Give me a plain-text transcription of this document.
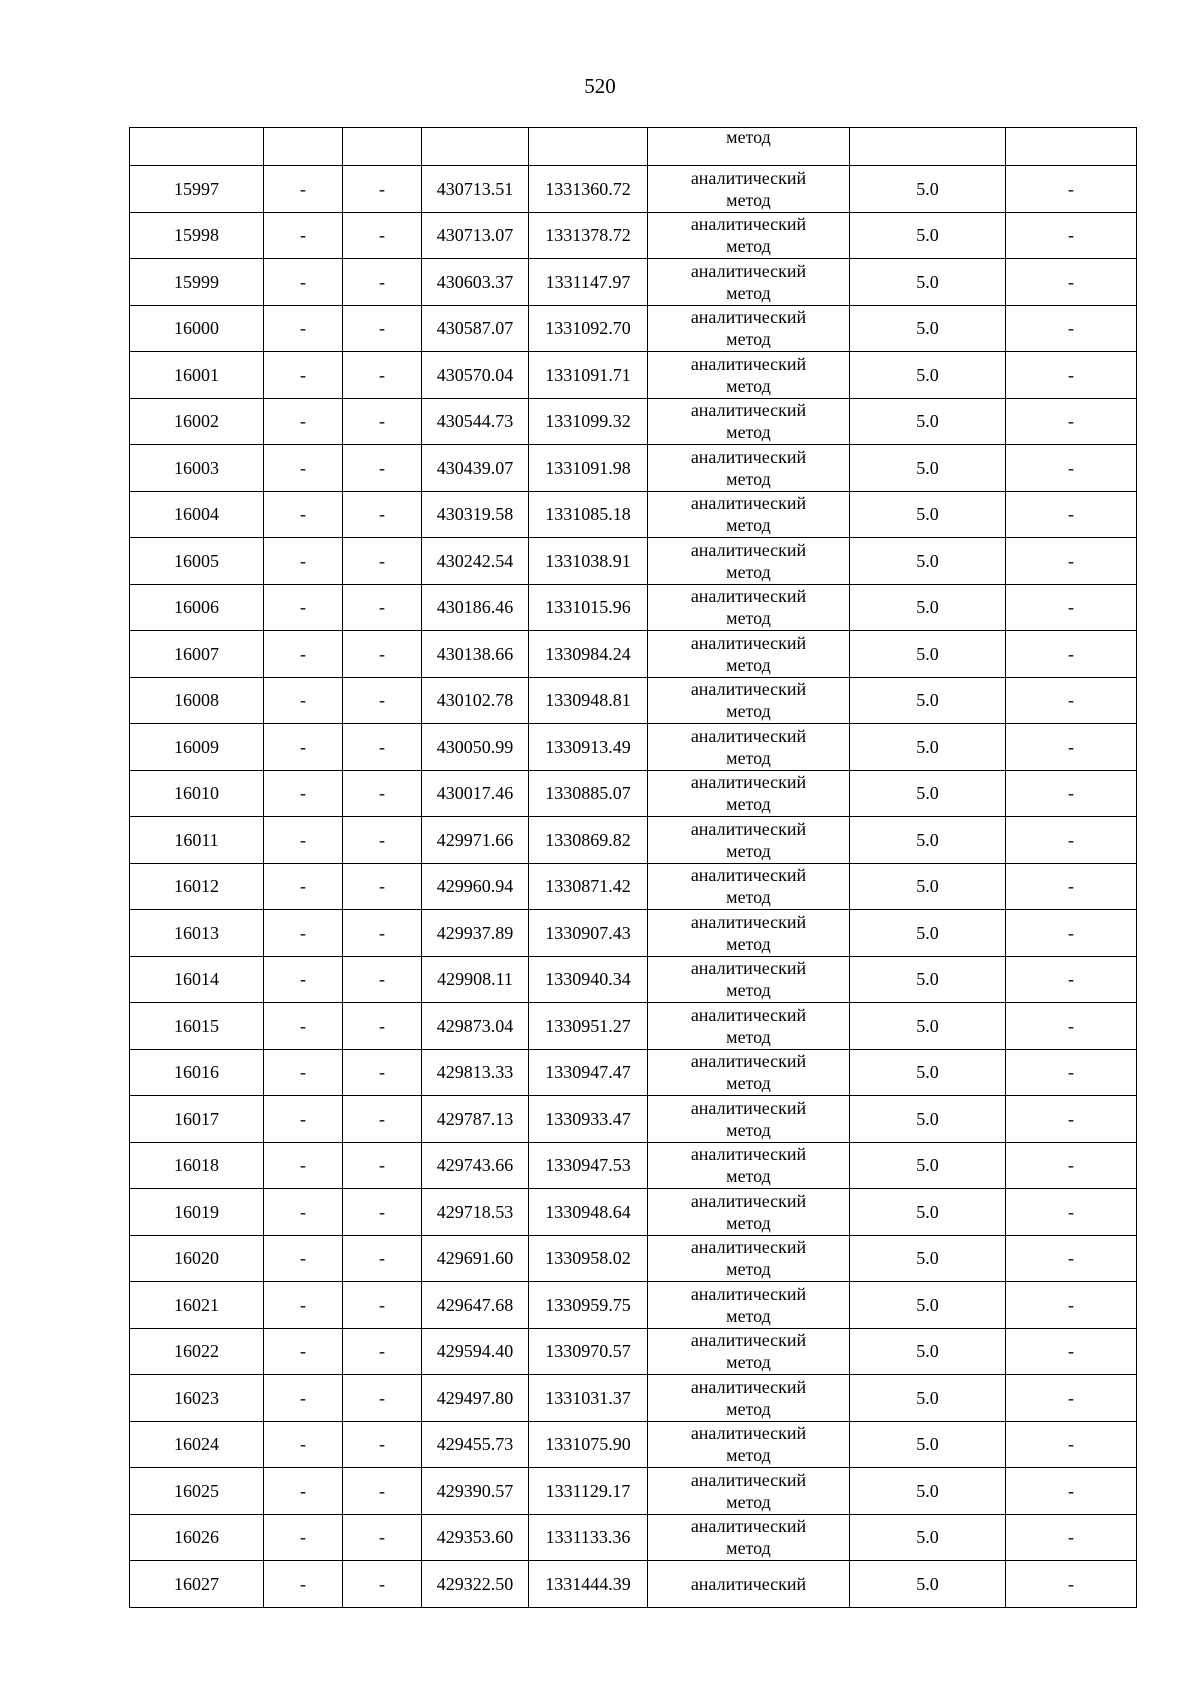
520
					метод		
15997	-	-	430713.51	1331360.72	аналитический
метод	5.0	-
15998	-	-	430713.07	1331378.72	аналитический
метод	5.0	-
15999	-	-	430603.37	1331147.97	аналитический
метод	5.0	-
16000	-	-	430587.07	1331092.70	аналитический
метод	5.0	-
16001	-	-	430570.04	1331091.71	аналитический
метод	5.0	-
16002	-	-	430544.73	1331099.32	аналитический
метод	5.0	-
16003	-	-	430439.07	1331091.98	аналитический
метод	5.0	-
16004	-	-	430319.58	1331085.18	аналитический
метод	5.0	-
16005	-	-	430242.54	1331038.91	аналитический
метод	5.0	-
16006	-	-	430186.46	1331015.96	аналитический
метод	5.0	-
16007	-	-	430138.66	1330984.24	аналитический
метод	5.0	-
16008	-	-	430102.78	1330948.81	аналитический
метод	5.0	-
16009	-	-	430050.99	1330913.49	аналитический
метод	5.0	-
16010	-	-	430017.46	1330885.07	аналитический
метод	5.0	-
16011	-	-	429971.66	1330869.82	аналитический
метод	5.0	-
16012	-	-	429960.94	1330871.42	аналитический
метод	5.0	-
16013	-	-	429937.89	1330907.43	аналитический
метод	5.0	-
16014	-	-	429908.11	1330940.34	аналитический
метод	5.0	-
16015	-	-	429873.04	1330951.27	аналитический
метод	5.0	-
16016	-	-	429813.33	1330947.47	аналитический
метод	5.0	-
16017	-	-	429787.13	1330933.47	аналитический
метод	5.0	-
16018	-	-	429743.66	1330947.53	аналитический
метод	5.0	-
16019	-	-	429718.53	1330948.64	аналитический
метод	5.0	-
16020	-	-	429691.60	1330958.02	аналитический
метод	5.0	-
16021	-	-	429647.68	1330959.75	аналитический
метод	5.0	-
16022	-	-	429594.40	1330970.57	аналитический
метод	5.0	-
16023	-	-	429497.80	1331031.37	аналитический
метод	5.0	-
16024	-	-	429455.73	1331075.90	аналитический
метод	5.0	-
16025	-	-	429390.57	1331129.17	аналитический
метод	5.0	-
16026	-	-	429353.60	1331133.36	аналитический
метод	5.0	-
16027	-	-	429322.50	1331444.39	аналитический	5.0	-
